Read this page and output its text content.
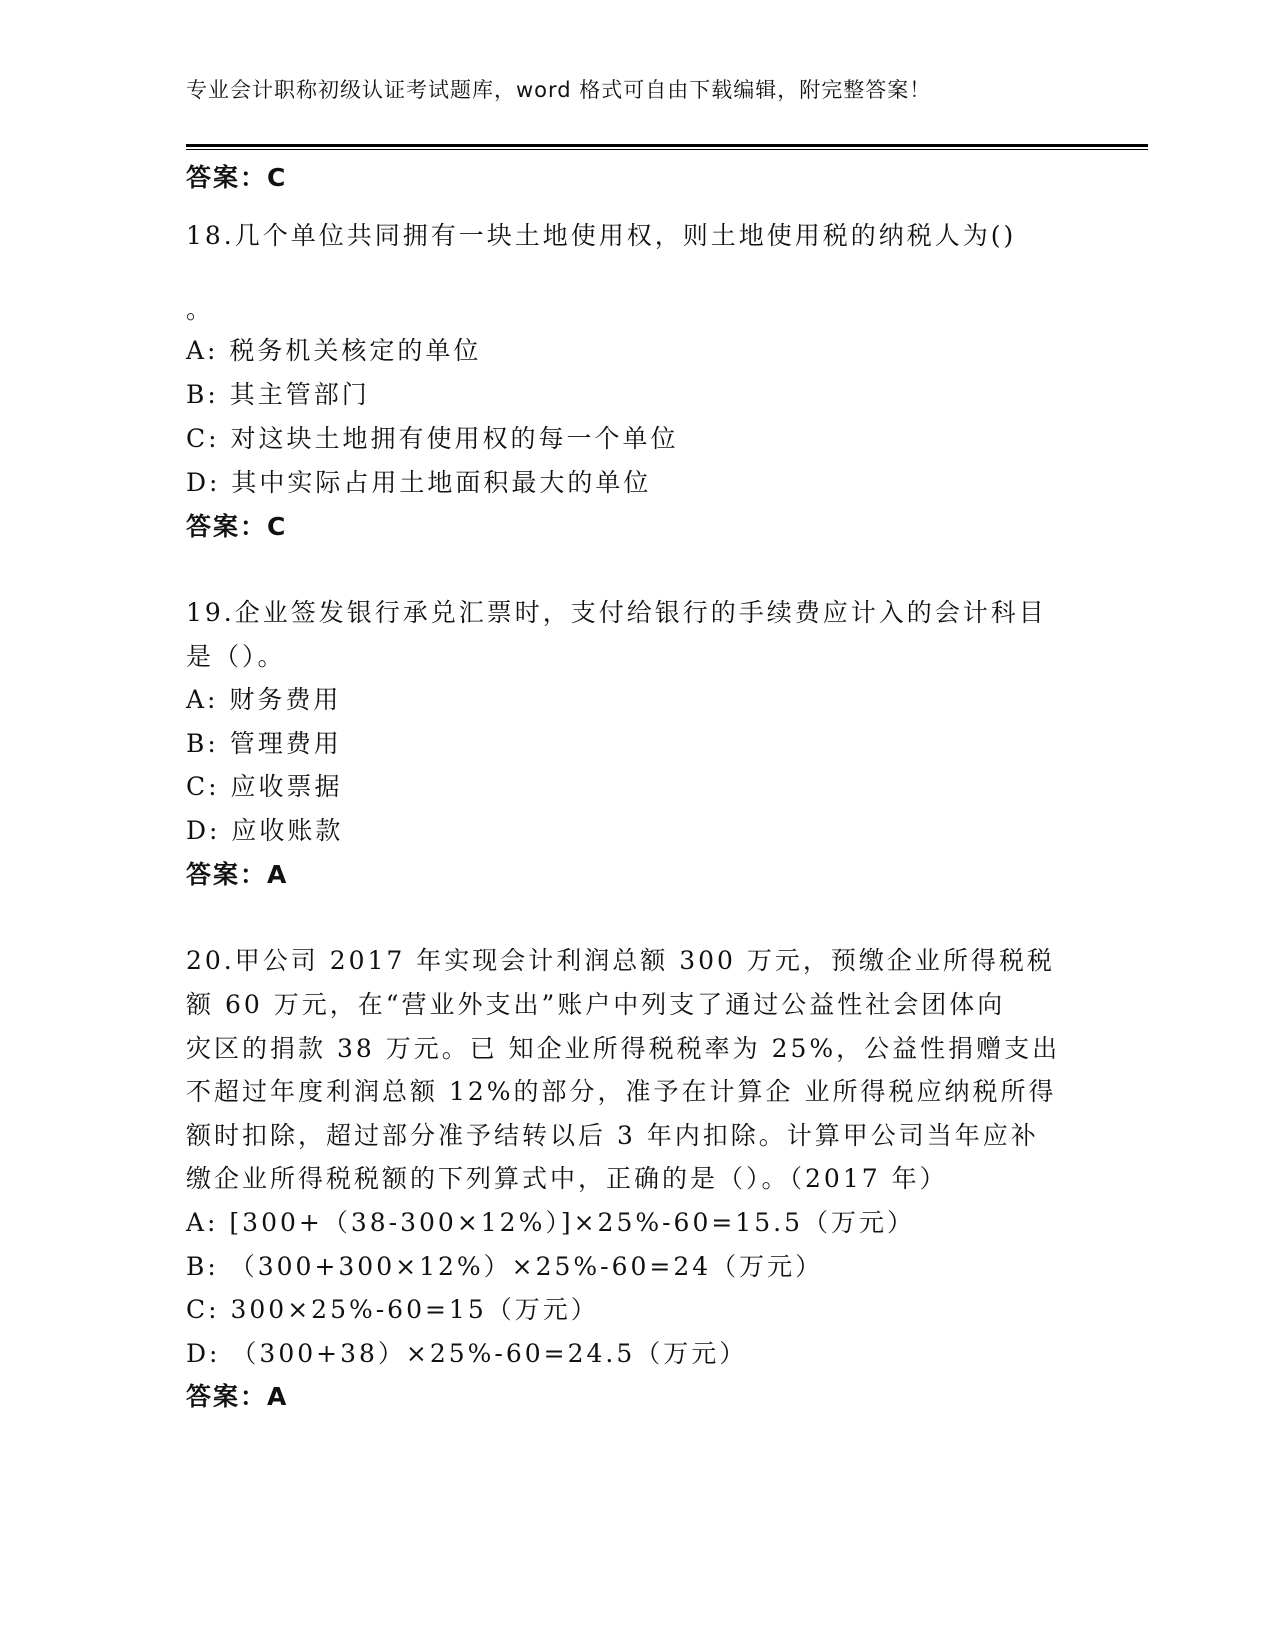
专业会计职称初级认证考试题库，word 格式可自由下载编辑，附完整答案！
答案：C
18.几个单位共同拥有一块土地使用权，则土地使用税的纳税人为()
。
A: 税务机关核定的单位
B: 其主管部门
C: 对这块土地拥有使用权的每一个单位
D: 其中实际占用土地面积最大的单位
答案：C
19.企业签发银行承兑汇票时，支付给银行的手续费应计入的会计科目
是（）。
A: 财务费用
B: 管理费用
C: 应收票据
D: 应收账款
答案：A
20.甲公司 2017 年实现会计利润总额 300 万元，预缴企业所得税税
额 60 万元，在“营业外支出”账户中列支了通过公益性社会团体向
灾区的捐款 38 万元。已 知企业所得税税率为 25%，公益性捐赠支出
不超过年度利润总额 12%的部分，准予在计算企 业所得税应纳税所得
额时扣除，超过部分准予结转以后 3 年内扣除。计算甲公司当年应补
缴企业所得税税额的下列算式中，正确的是（）。（2017 年）
A: [300+（38-300×12%）]×25%-60=15.5（万元）
B: （300+300×12%）×25%-60=24（万元）
C: 300×25%-60=15（万元）
D: （300+38）×25%-60=24.5（万元）
答案：A
